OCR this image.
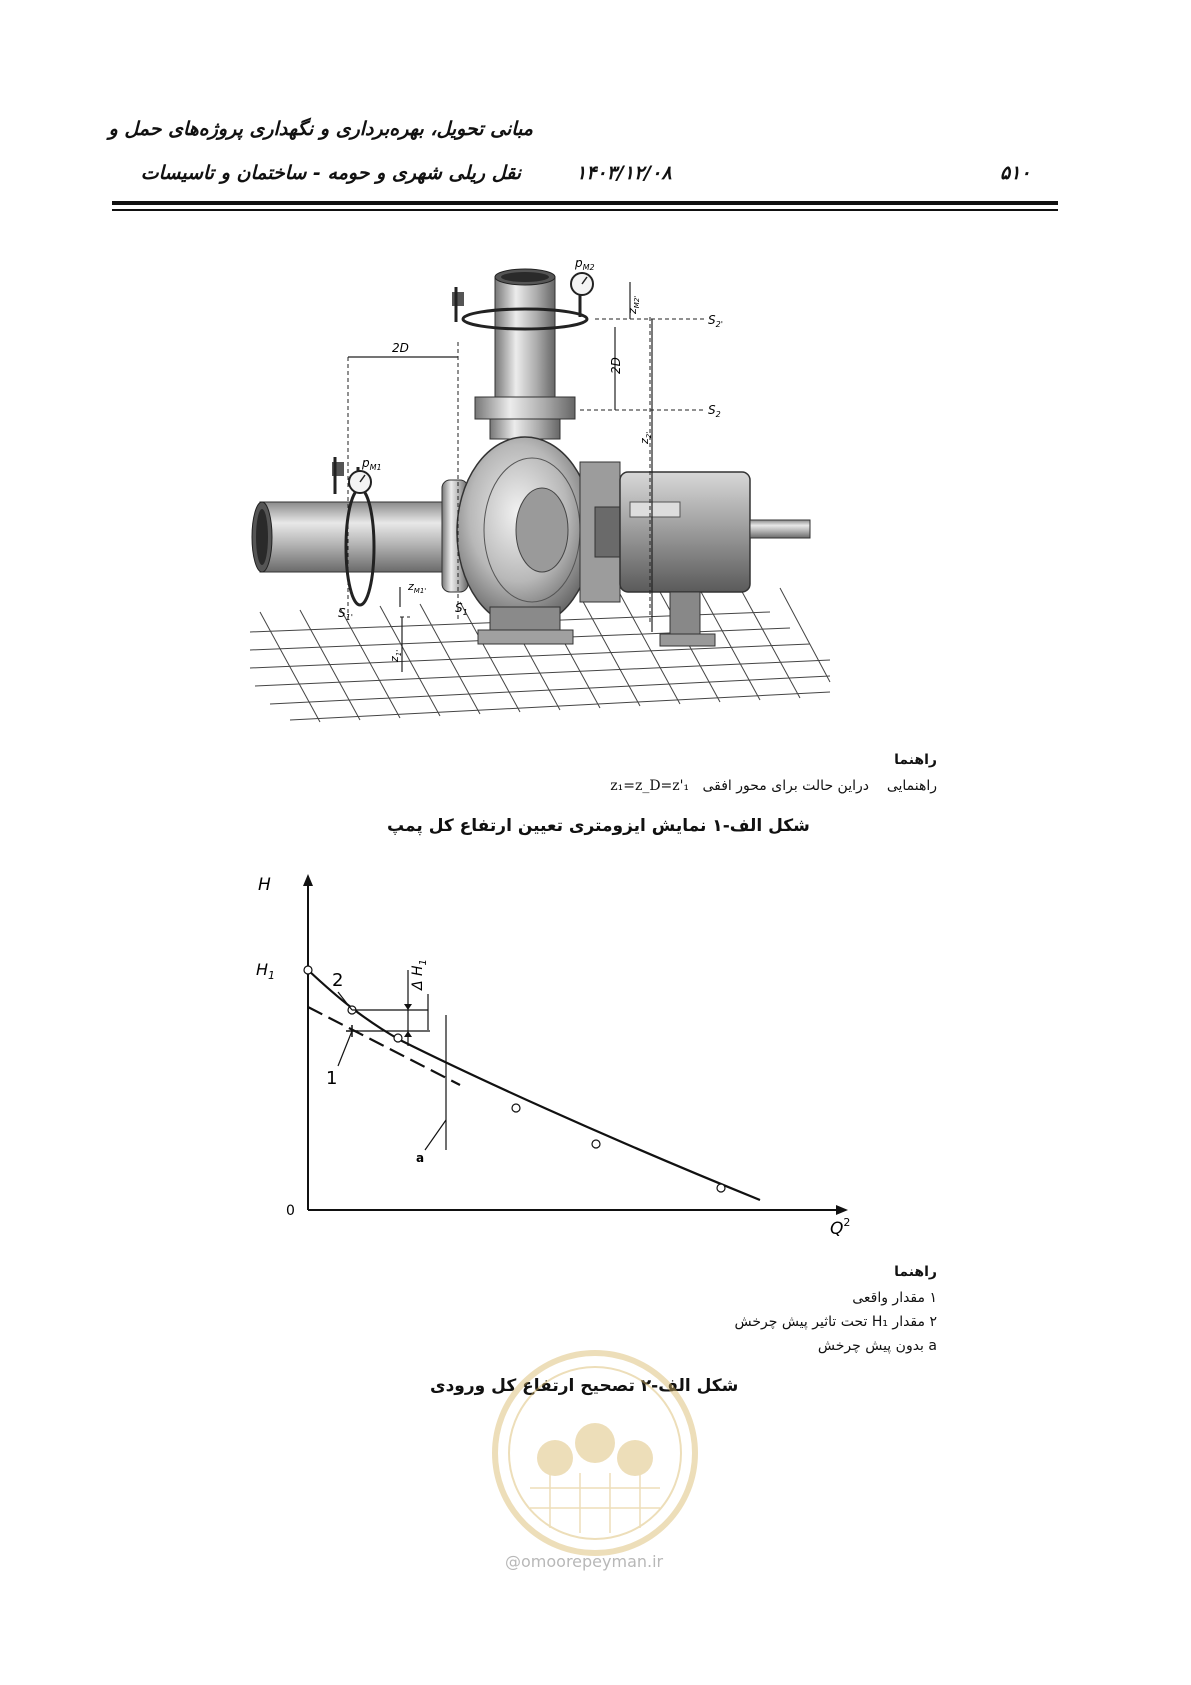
مبانی تحویل، بهره‌برداری و نگهداری پروژه‌های حمل و
نقل ریلی شهری و حومه - ساختمان و تاسیسات	۱۴۰۳/۱۲/۰۸	۵۱۰
$p_{M2}$
$p_{M1}$
2D
2D
$z_{M2'}$
$S_{2'}$
$S_2$
$z_{2'}$
$z_{M1'}$
$S_{1'}$
$S_1$
$z_{1'}$
راهنما
راهنمایی    دراین حالت برای محور افقی   z₁=z_D=z'₁
شکل الف-۱ نمایش ایزومتری تعیین ارتفاع کل پمپ
H
$H_1$
0
$Q^2$
2
1
a
Δ $H_1$
راهنما
۱ مقدار واقعی
۲ مقدار H₁ تحت تاثیر پیش چرخش
a بدون پیش چرخش
شکل الف-۲ تصحیح ارتفاع کل ورودی
@omoorepeyman.ir
